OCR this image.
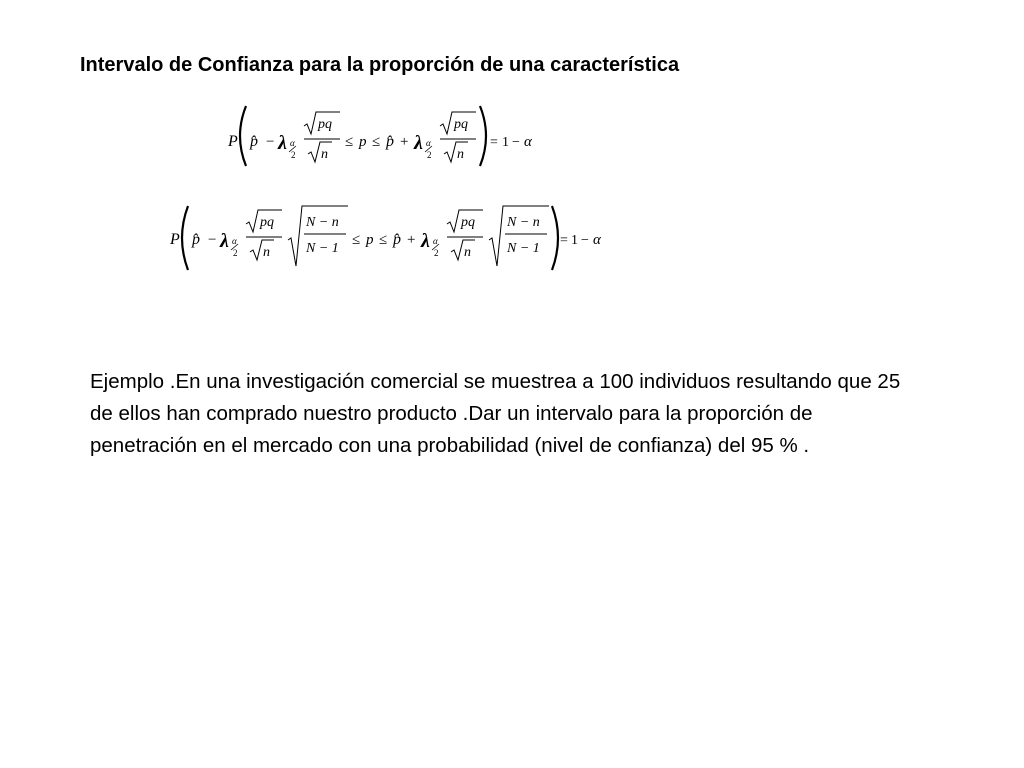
Intervalo de Confianza para la proporción de una característica
P p̂ − λ α
2
pq
n
≤ p ≤ p̂ + λ α
2
pq
n
= 1 − α
P p̂ − λ α
2
pq
n
N − n
N − 1
≤ p ≤ p̂ + λ α
2
pq
n
N − n
N − 1
= 1 − α
Ejemplo .En una investigación comercial se muestrea a 100 individuos resultando que 25 de ellos han comprado nuestro producto .Dar un intervalo para la proporción de penetración en el mercado con una probabilidad (nivel de confianza) del 95 % .
